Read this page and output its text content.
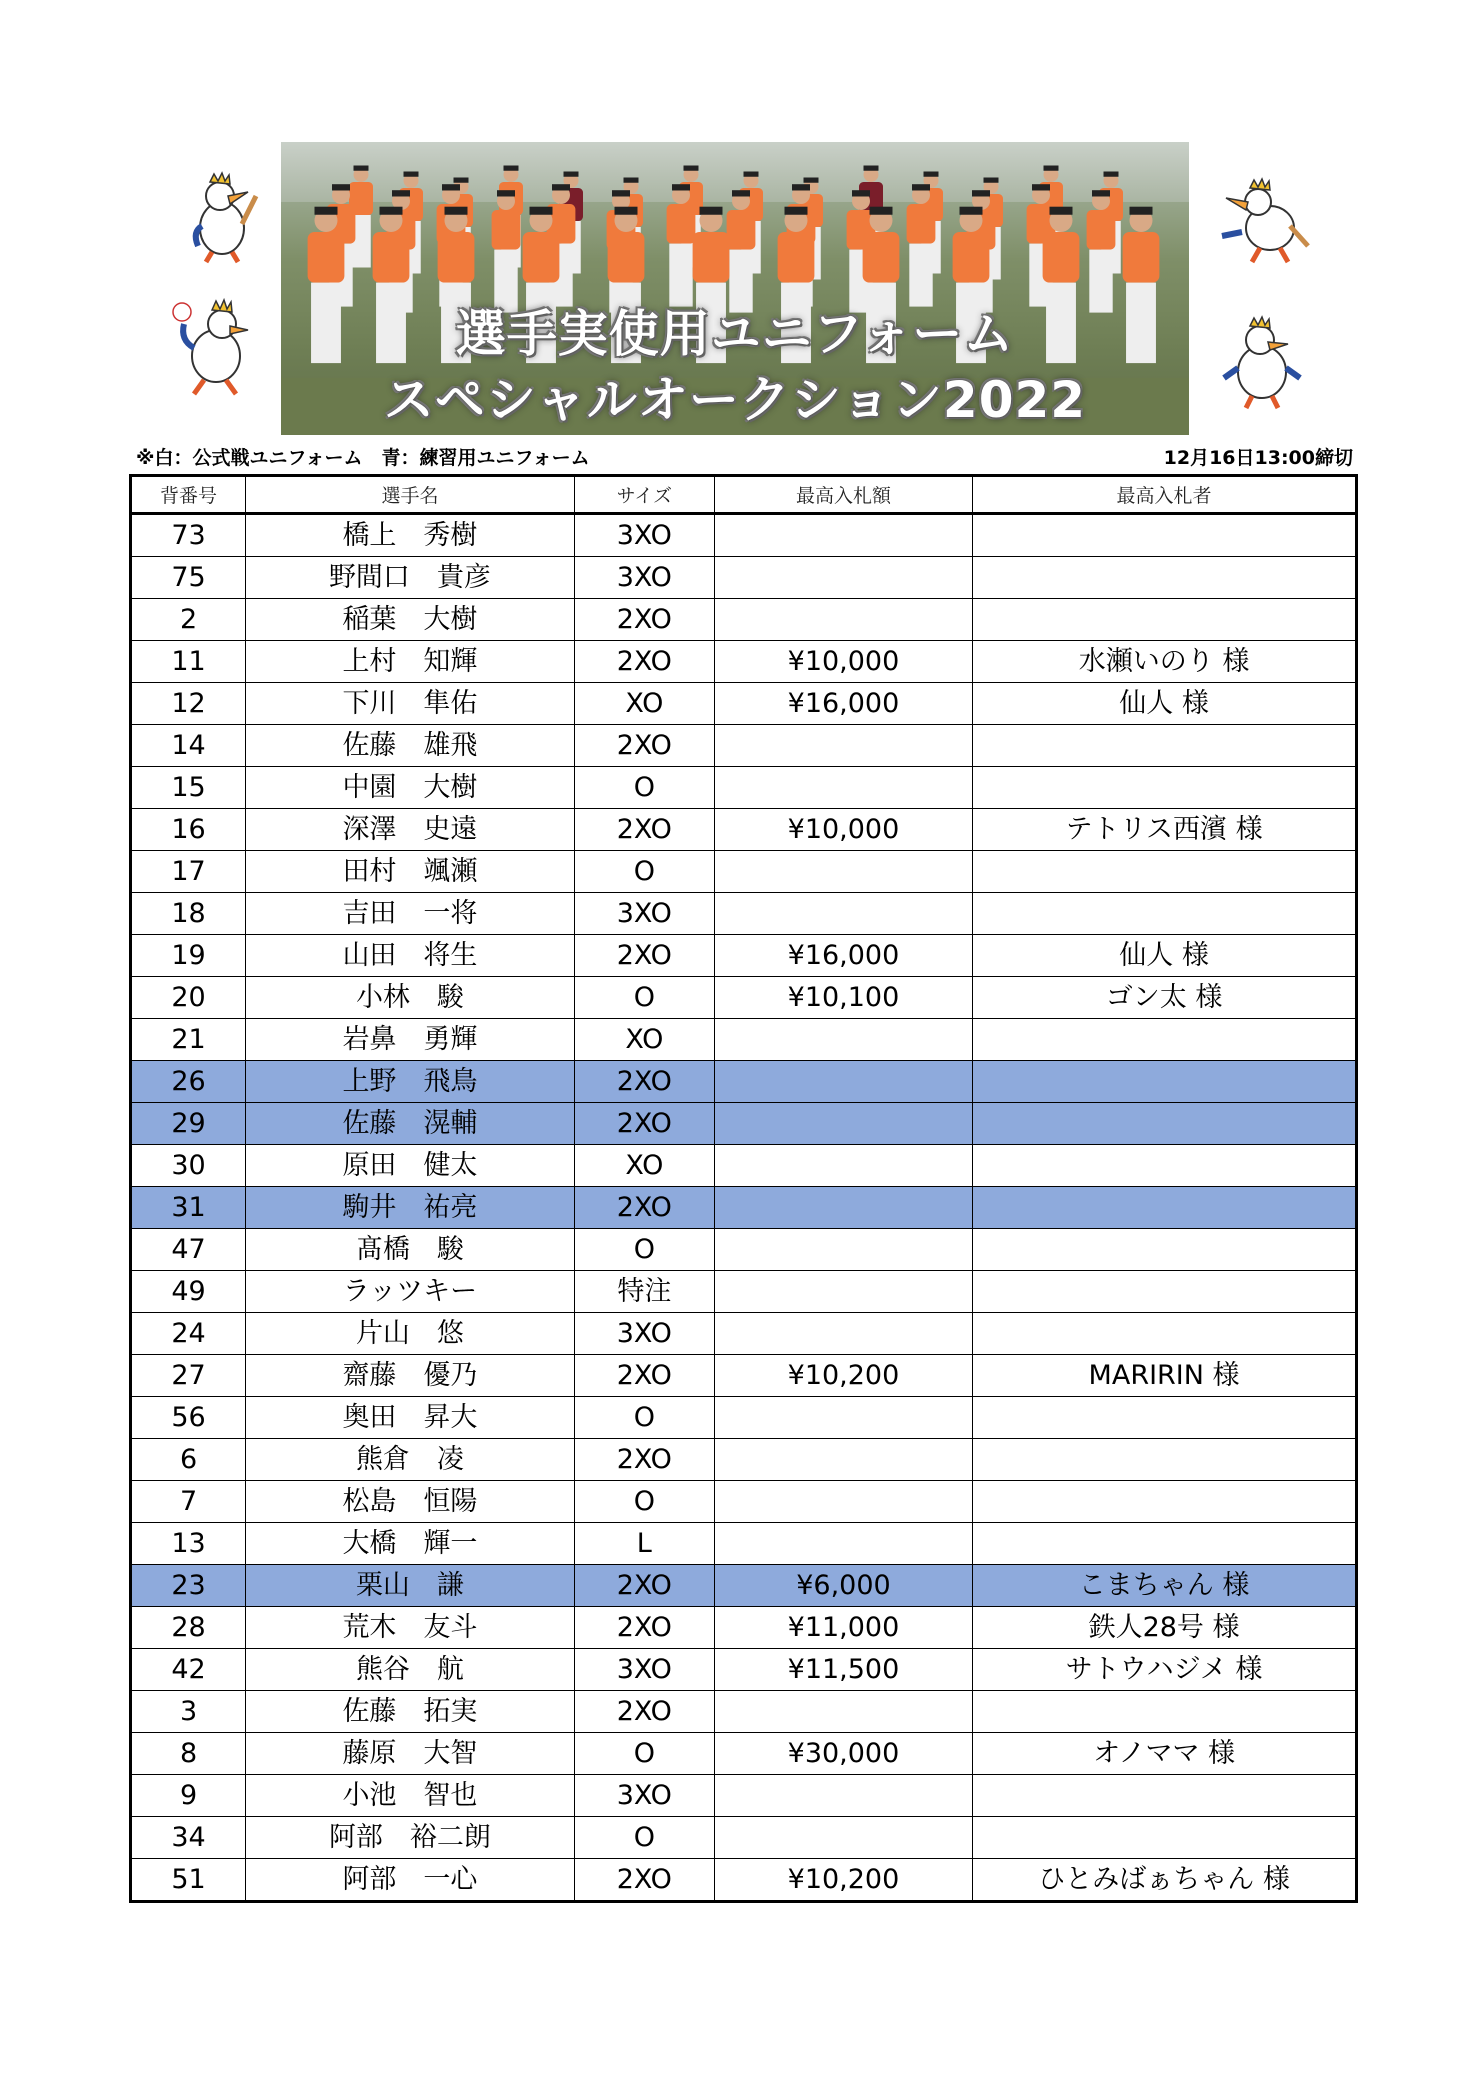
選手実使用ユニフォーム
スペシャルオークション2022
※白：公式戦ユニフォーム　青：練習用ユニフォーム	12月16日13:00締切
背番号	選手名	サイズ	最高入札額	最高入札者
73	橋上　秀樹	3XO		
75	野間口　貴彦	3XO		
2	稲葉　大樹	2XO		
11	上村　知輝	2XO	¥10,000	水瀬いのり 様
12	下川　隼佑	XO	¥16,000	仙人 様
14	佐藤　雄飛	2XO		
15	中園　大樹	O		
16	深澤　史遠	2XO	¥10,000	テトリス西濱 様
17	田村　颯瀬	O		
18	吉田　一将	3XO		
19	山田　将生	2XO	¥16,000	仙人 様
20	小林　駿	O	¥10,100	ゴン太 様
21	岩鼻　勇輝	XO		
26	上野　飛鳥	2XO		
29	佐藤　滉輔	2XO		
30	原田　健太	XO		
31	駒井　祐亮	2XO		
47	髙橋　駿	O		
49	ラッツキー	特注		
24	片山　悠	3XO		
27	齋藤　優乃	2XO	¥10,200	MARIRIN 様
56	奥田　昇大	O		
6	熊倉　凌	2XO		
7	松島　恒陽	O		
13	大橋　輝一	L		
23	栗山　謙	2XO	¥6,000	こまちゃん 様
28	荒木　友斗	2XO	¥11,000	鉄人28号 様
42	熊谷　航	3XO	¥11,500	サトウハジメ 様
3	佐藤　拓実	2XO		
8	藤原　大智	O	¥30,000	オノママ 様
9	小池　智也	3XO		
34	阿部　裕二朗	O		
51	阿部　一心	2XO	¥10,200	ひとみばぁちゃん 様
